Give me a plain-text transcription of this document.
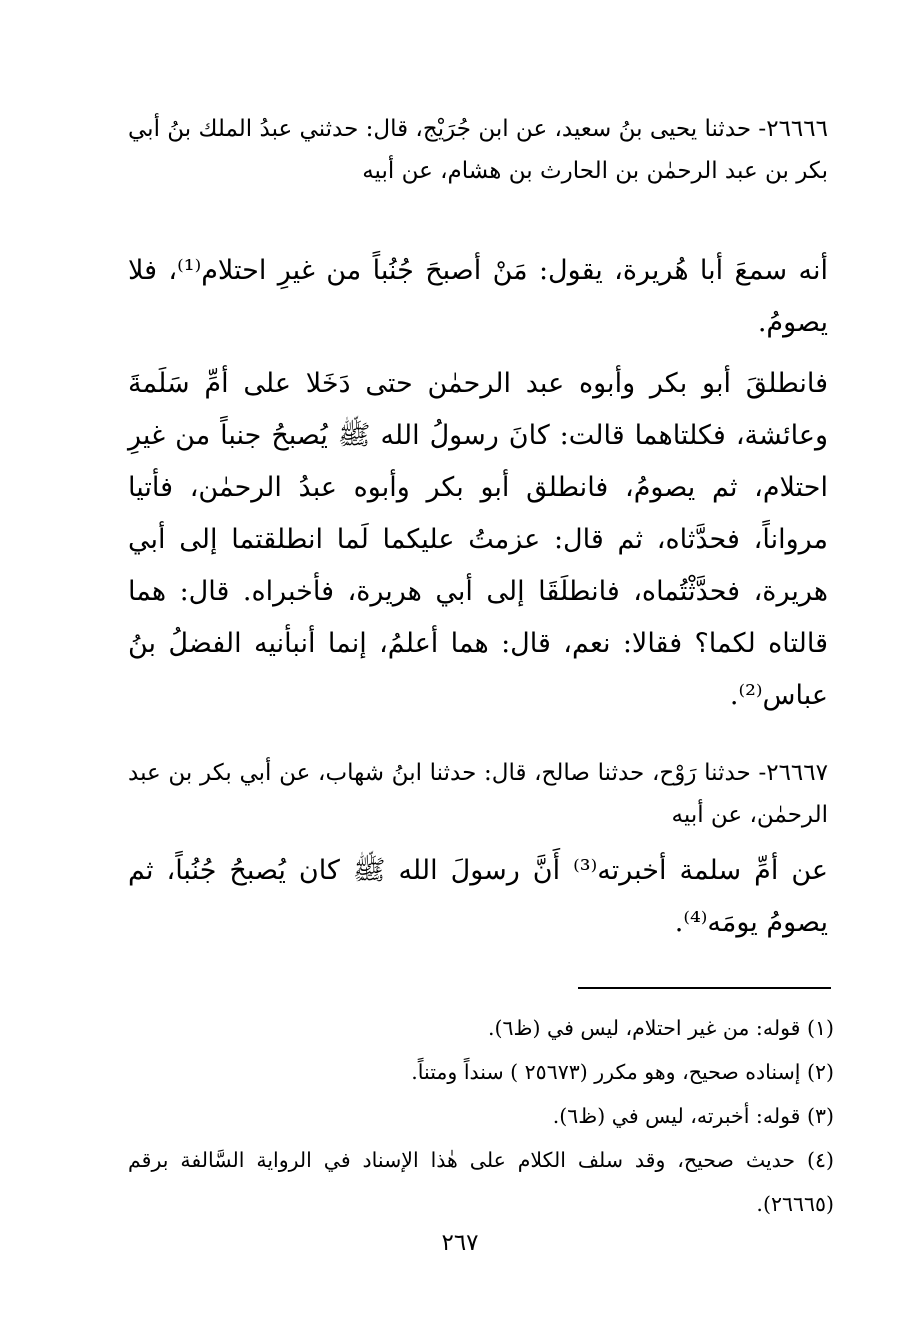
٢٦٦٦٦- حدثنا يحيى بنُ سعيد، عن ابن جُرَيْج، قال: حدثني عبدُ الملك بنُ أبي بكر بن عبد الرحمٰن بن الحارث بن هشام، عن أبيه

أنه سمعَ أبا هُريرة، يقول: مَنْ أصبحَ جُنُباً من غيرِ احتلام⁽¹⁾، فلا يصومُ.

فانطلقَ أبو بكر وأبوه عبد الرحمٰن حتى دَخَلا على أمِّ سَلَمةَ وعائشة، فكلتاهما قالت: كانَ رسولُ الله ﷺ يُصبحُ جنباً من غيرِ احتلام، ثم يصومُ، فانطلق أبو بكر وأبوه عبدُ الرحمٰن، فأتيا مرواناً، فحدَّثاه، ثم قال: عزمتُ عليكما لَما انطلقتما إلى أبي هريرة، فحدَّثْتُماه، فانطلَقَا إلى أبي هريرة، فأخبراه. قال: هما قالتاه لكما؟ فقالا: نعم، قال: هما أعلمُ، إنما أنبأنيه الفضلُ بنُ عباس⁽²⁾.

٢٦٦٦٧- حدثنا رَوْح، حدثنا صالح، قال: حدثنا ابنُ شهاب، عن أبي بكر بن عبد الرحمٰن، عن أبيه

عن أمِّ سلمة أخبرته⁽³⁾ أَنَّ رسولَ الله ﷺ كان يُصبحُ جُنُباً، ثم يصومُ يومَه⁽⁴⁾.

(١) قوله: من غير احتلام، ليس في (ظ٦).
(٢) إسناده صحيح، وهو مكرر (٢٥٦٧٣ ) سنداً ومتناً.
(٣) قوله: أخبرته، ليس في (ظ٦).
(٤) حديث صحيح، وقد سلف الكلام على هٰذا الإسناد في الرواية السَّالفة برقم (٢٦٦٦٥).
٢٦٧
